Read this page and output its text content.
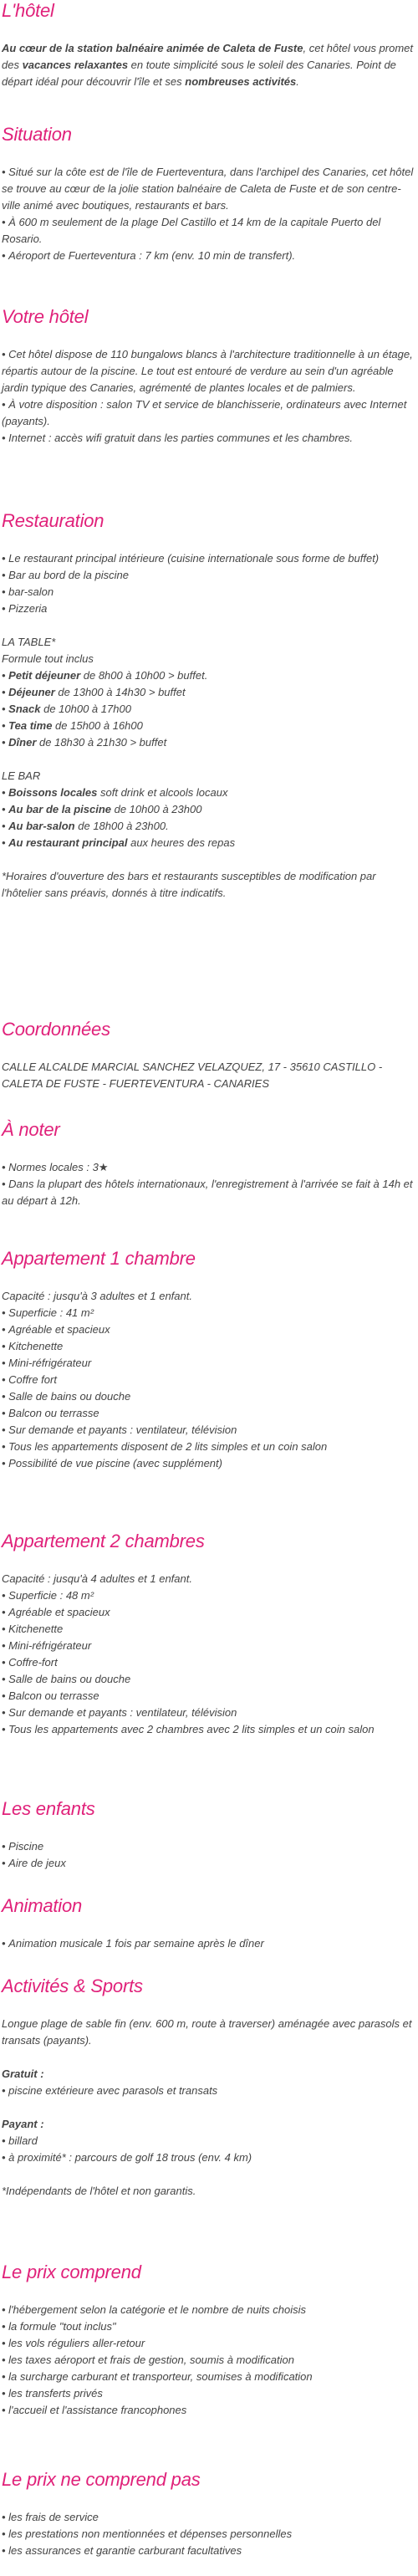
L'hôtel

Au cœur de la station balnéaire animée de Caleta de Fuste, cet hôtel vous promet des vacances relaxantes en toute simplicité sous le soleil des Canaries. Point de départ idéal pour découvrir l'île et ses nombreuses activités.

Situation
• Situé sur la côte est de l'île de Fuerteventura, dans l'archipel des Canaries, cet hôtel se trouve au cœur de la jolie station balnéaire de Caleta de Fuste et de son centre-ville animé avec boutiques, restaurants et bars.
• À 600 m seulement de la plage Del Castillo et 14 km de la capitale Puerto del Rosario.
• Aéroport de Fuerteventura : 7 km (env. 10 min de transfert).
Votre hôtel
• Cet hôtel dispose de 110 bungalows blancs à l'architecture traditionnelle à un étage, répartis autour de la piscine. Le tout est entouré de verdure au sein d'un agréable jardin typique des Canaries, agrémenté de plantes locales et de palmiers.
• À votre disposition : salon TV et service de blanchisserie, ordinateurs avec Internet (payants).
• Internet : accès wifi gratuit dans les parties communes et les chambres.
Restauration
• Le restaurant principal intérieure (cuisine internationale sous forme de buffet)
• Bar au bord de la piscine
• bar-salon
• Pizzeria

LA TABLE*

Formule tout inclus

• Petit déjeuner de 8h00 à 10h00 > buffet.
• Déjeuner de 13h00 à 14h30 > buffet
• Snack de 10h00 à 17h00
• Tea time de 15h00 à 16h00
• Dîner de 18h30 à 21h30 > buffet

LE BAR

• Boissons locales soft drink et alcools locaux
• Au bar de la piscine de 10h00 à 23h00
• Au bar-salon de 18h00 à 23h00.
• Au restaurant principal aux heures des repas

*Horaires d'ouverture des bars et restaurants susceptibles de modification par l'hôtelier sans préavis, donnés à titre indicatifs.

Coordonnées

CALLE ALCALDE MARCIAL SANCHEZ VELAZQUEZ, 17 - 35610 CASTILLO - CALETA DE FUSTE - FUERTEVENTURA - CANARIES

À noter
• Normes locales : 3★
• Dans la plupart des hôtels internationaux, l'enregistrement à l'arrivée se fait à 14h et au départ à 12h.
Appartement 1 chambre

Capacité : jusqu'à 3 adultes et 1 enfant.

• Superficie : 41 m²
• Agréable et spacieux
• Kitchenette
• Mini-réfrigérateur
• Coffre fort
• Salle de bains ou douche
• Balcon ou terrasse
• Sur demande et payants : ventilateur, télévision
• Tous les appartements disposent de 2 lits simples et un coin salon
• Possibilité de vue piscine (avec supplément)
Appartement 2 chambres

Capacité : jusqu'à 4 adultes et 1 enfant.

• Superficie : 48 m²
• Agréable et spacieux
• Kitchenette
• Mini-réfrigérateur
• Coffre-fort
• Salle de bains ou douche
• Balcon ou terrasse
• Sur demande et payants : ventilateur, télévision
• Tous les appartements avec 2 chambres avec 2 lits simples et un coin salon
Les enfants
• Piscine
• Aire de jeux
Animation
• Animation musicale 1 fois par semaine après le dîner
Activités & Sports

Longue plage de sable fin (env. 600 m, route à traverser) aménagée avec parasols et transats (payants).

Gratuit :

• piscine extérieure avec parasols et transats

Payant :

• billard
• à proximité* : parcours de golf 18 trous (env. 4 km)

*Indépendants de l'hôtel et non garantis.

Le prix comprend
• l'hébergement selon la catégorie et le nombre de nuits choisis
• la formule "tout inclus"
• les vols réguliers aller-retour
• les taxes aéroport et frais de gestion, soumis à modification
• la surcharge carburant et transporteur, soumises à modification
• les transferts privés
• l'accueil et l'assistance francophones
Le prix ne comprend pas
• les frais de service
• les prestations non mentionnées et dépenses personnelles
• les assurances et garantie carburant facultatives
